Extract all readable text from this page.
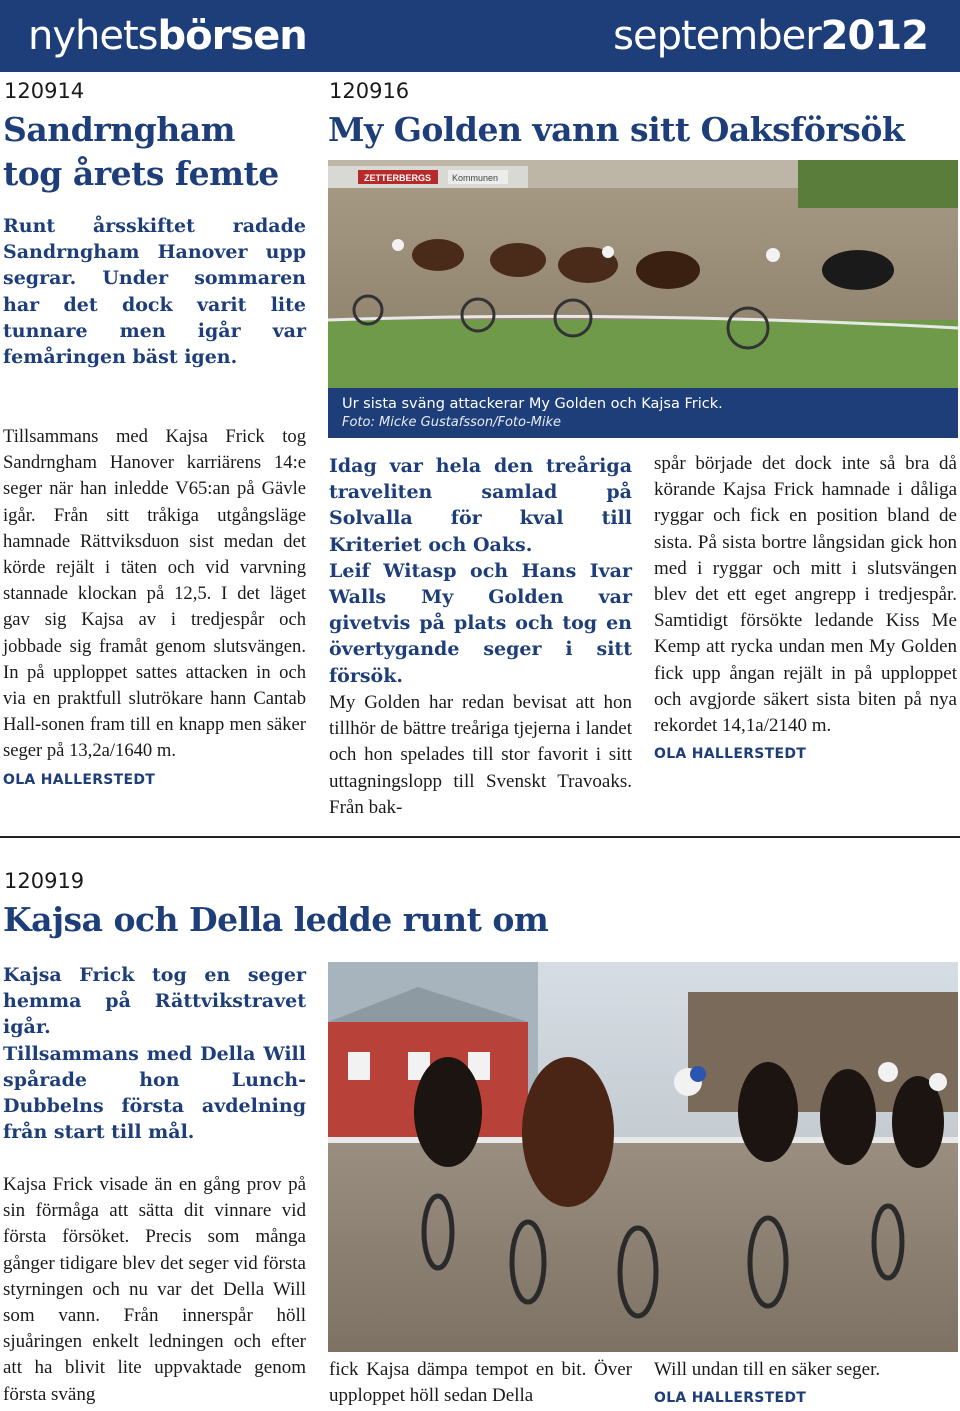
nyhetsbörsen	september2012
120914
Sandrngham
tog årets femte

Runt årsskiftet radade Sandrngham Hanover upp segrar. Under sommaren har det dock varit lite tunnare men igår var femåringen bäst igen.

Tillsammans med Kajsa Frick tog Sandrngham Hanover karriärens 14:e seger när han inledde V65:an på Gävle igår. Från sitt tråkiga utgångsläge hamnade Rättviksduon sist medan det körde rejält i täten och vid varvning stannade klockan på 12,5. I det läget gav sig Kajsa av i tredjespår och jobbade sig framåt genom slutsvängen. In på upploppet sattes attacken in och via en praktfull slutrökare hann Cantab Hall-sonen fram till en knapp men säker seger på 13,2a/1640 m.

OLA HALLERSTEDT
120916
My Golden vann sitt Oaksförsök
ZETTERBERGS Kommunen
Ur sista sväng attackerar My Golden och Kajsa Frick.
Foto: Micke Gustafsson/Foto-Mike

Idag var hela den treåriga traveliten samlad på Solvalla för kval till Kriteriet och Oaks.

Leif Witasp och Hans Ivar Walls My Golden var givetvis på plats och tog en övertygande seger i sitt försök.

My Golden har redan bevisat att hon tillhör de bättre treåriga tjejerna i landet och hon spelades till stor favorit i sitt uttagningslopp till Svenskt Travoaks. Från bak-

spår började det dock inte så bra då körande Kajsa Frick hamnade i dåliga ryggar och fick en position bland de sista. På sista bortre långsidan gick hon med i ryggar och mitt i slutsvängen blev det ett eget angrepp i tredjespår. Samtidigt försökte ledande Kiss Me Kemp att rycka undan men My Golden fick upp ångan rejält in på upploppet och avgjorde säkert sista biten på nya rekordet 14,1a/2140 m.

OLA HALLERSTEDT
120919
Kajsa och Della ledde runt om

Kajsa Frick tog en seger hemma på Rättvikstravet igår.

Tillsammans med Della Will spårade hon Lunch-Dubbelns första avdelning från start till mål.

Kajsa Frick visade än en gång prov på sin förmåga att sätta dit vinnare vid första försöket. Precis som många gånger tidigare blev det seger vid första styrningen och nu var det Della Will som vann. Från innerspår höll sjuåringen enkelt ledningen och efter att ha blivit lite uppvaktade genom första sväng

fick Kajsa dämpa tempot en bit. Över upploppet höll sedan Della

Will undan till en säker seger.

OLA HALLERSTEDT
